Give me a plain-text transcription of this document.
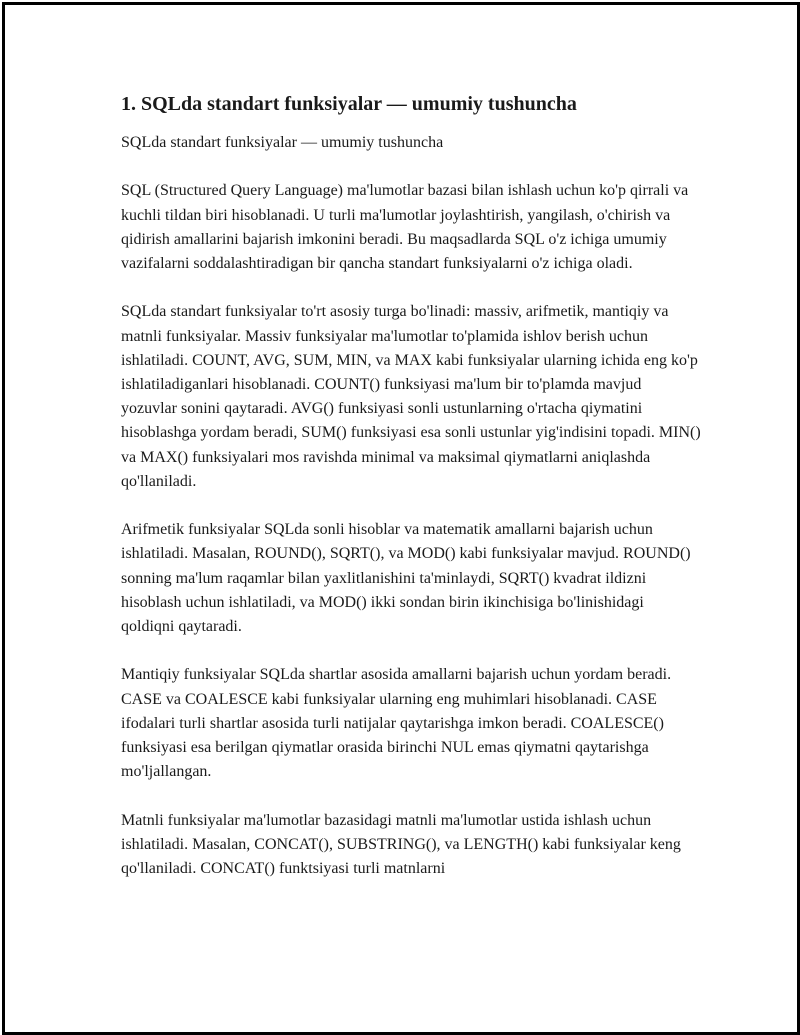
1. SQLda standart funksiyalar — umumiy tushuncha

SQLda standart funksiyalar — umumiy tushuncha

SQL (Structured Query Language) ma'lumotlar bazasi bilan ishlash uchun ko'p qirrali va kuchli tildan biri hisoblanadi. U turli ma'lumotlar joylashtirish, yangilash, o'chirish va qidirish amallarini bajarish imkonini beradi. Bu maqsadlarda SQL o'z ichiga umumiy vazifalarni soddalashtiradigan bir qancha standart funksiyalarni o'z ichiga oladi.

SQLda standart funksiyalar to'rt asosiy turga bo'linadi: massiv, arifmetik, mantiqiy va matnli funksiyalar. Massiv funksiyalar ma'lumotlar to'plamida ishlov berish uchun ishlatiladi. COUNT, AVG, SUM, MIN, va MAX kabi funksiyalar ularning ichida eng ko'p ishlatiladiganlari hisoblanadi. COUNT() funksiyasi ma'lum bir to'plamda mavjud yozuvlar sonini qaytaradi. AVG() funksiyasi sonli ustunlarning o'rtacha qiymatini hisoblashga yordam beradi, SUM() funksiyasi esa sonli ustunlar yig'indisini topadi. MIN() va MAX() funksiyalari mos ravishda minimal va maksimal qiymatlarni aniqlashda qo'llaniladi.

Arifmetik funksiyalar SQLda sonli hisoblar va matematik amallarni bajarish uchun ishlatiladi. Masalan, ROUND(), SQRT(), va MOD() kabi funksiyalar mavjud. ROUND() sonning ma'lum raqamlar bilan yaxlitlanishini ta'minlaydi, SQRT() kvadrat ildizni hisoblash uchun ishlatiladi, va MOD() ikki sondan birin ikinchisiga bo'linishidagi qoldiqni qaytaradi.

Mantiqiy funksiyalar SQLda shartlar asosida amallarni bajarish uchun yordam beradi. CASE va COALESCE kabi funksiyalar ularning eng muhimlari hisoblanadi. CASE ifodalari turli shartlar asosida turli natijalar qaytarishga imkon beradi. COALESCE() funksiyasi esa berilgan qiymatlar orasida birinchi NUL emas qiymatni qaytarishga mo'ljallangan.

Matnli funksiyalar ma'lumotlar bazasidagi matnli ma'lumotlar ustida ishlash uchun ishlatiladi. Masalan, CONCAT(), SUBSTRING(), va LENGTH() kabi funksiyalar keng qo'llaniladi. CONCAT() funktsiyasi turli matnlarni
